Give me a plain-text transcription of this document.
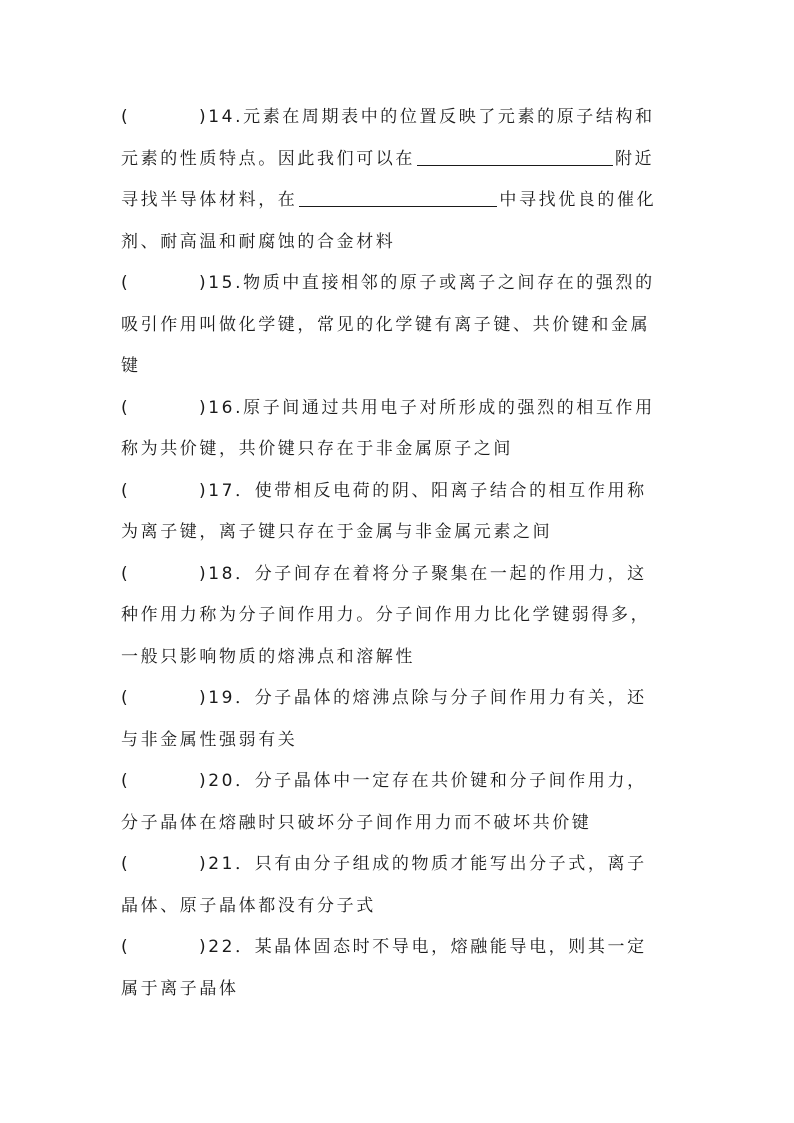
(	)14.元素在周期表中的位置反映了元素的原子结构和
元素的性质特点。因此我们可以在	附近
寻找半导体材料，在	中寻找优良的催化
剂、耐高温和耐腐蚀的合金材料
(	)15.物质中直接相邻的原子或离子之间存在的强烈的
吸引作用叫做化学键，常见的化学键有离子键、共价键和金属
键
(	)16.原子间通过共用电子对所形成的强烈的相互作用
称为共价键，共价键只存在于非金属原子之间
(	)17．使带相反电荷的阴、阳离子结合的相互作用称
为离子键，离子键只存在于金属与非金属元素之间
(	)18．分子间存在着将分子聚集在一起的作用力，这
种作用力称为分子间作用力。分子间作用力比化学键弱得多，
一般只影响物质的熔沸点和溶解性
(	)19．分子晶体的熔沸点除与分子间作用力有关，还
与非金属性强弱有关
(	)20．分子晶体中一定存在共价键和分子间作用力，
分子晶体在熔融时只破坏分子间作用力而不破坏共价键
(	)21．只有由分子组成的物质才能写出分子式，离子
晶体、原子晶体都没有分子式
(	)22．某晶体固态时不导电，熔融能导电，则其一定
属于离子晶体
